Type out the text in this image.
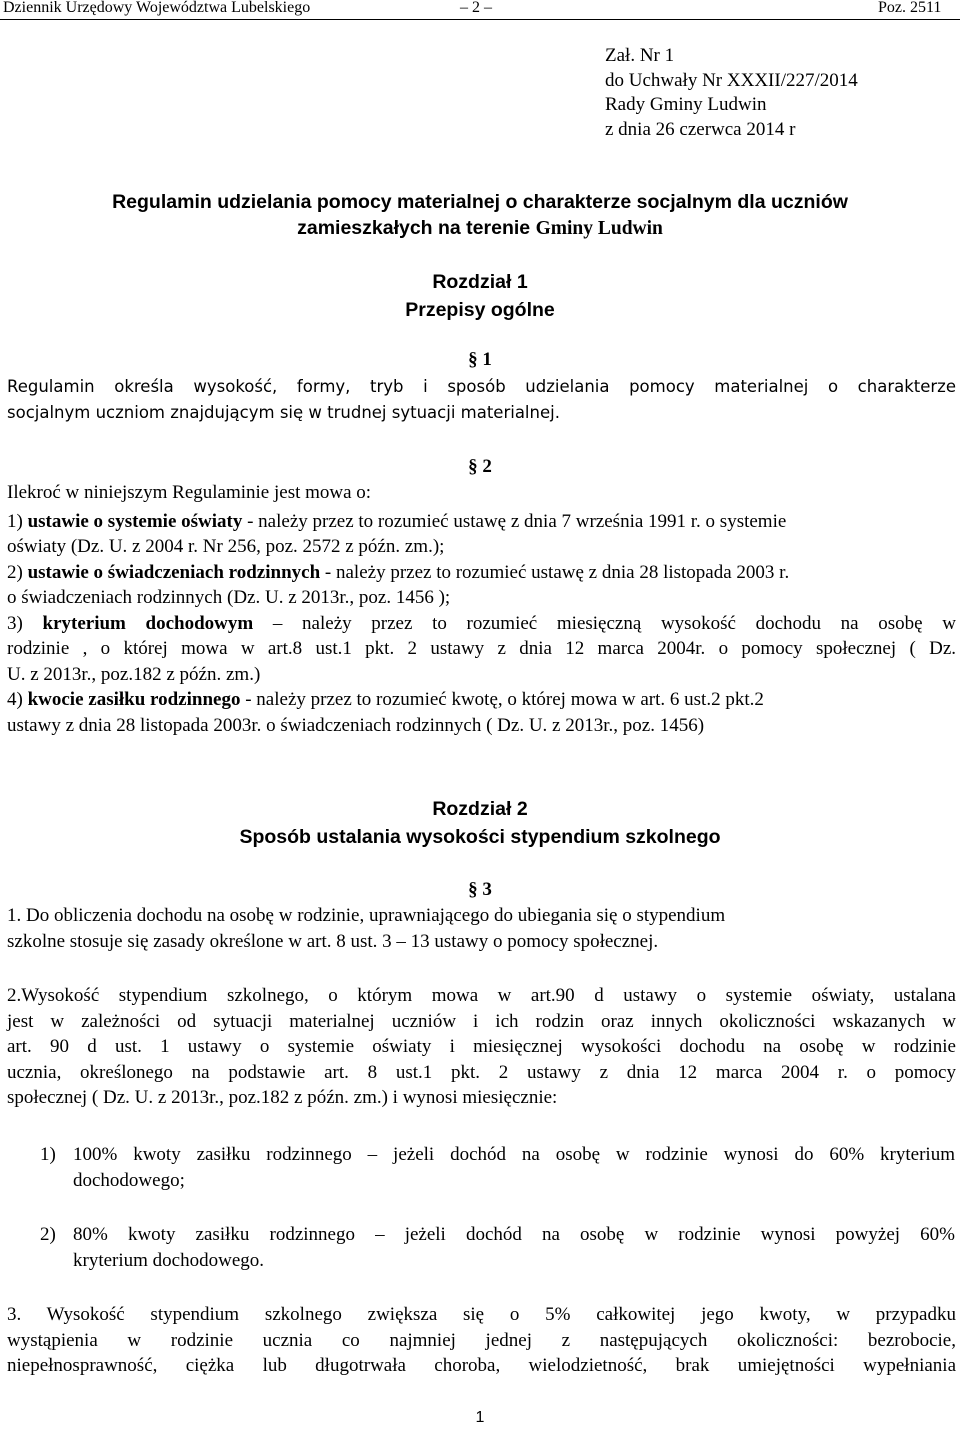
Dziennik Urzędowy Województwa Lubelskiego	– 2 –	Poz. 2511
Zał. Nr 1
do Uchwały Nr XXXII/227/2014
Rady Gminy Ludwin
z dnia 26 czerwca 2014 r
Regulamin udzielania pomocy materialnej o charakterze socjalnym dla uczniów
zamieszkałych na terenie Gminy Ludwin
Rozdział 1
Przepisy ogólne
§ 1
Regulamin określa wysokość, formy, tryb i sposób udzielania pomocy materialnej o charakterze
socjalnym uczniom znajdującym się w trudnej sytuacji materialnej.
§ 2
Ilekroć w niniejszym Regulaminie jest mowa o:
1) ustawie o systemie oświaty - należy przez to rozumieć ustawę z dnia 7 września 1991 r. o systemie
oświaty (Dz. U. z 2004 r. Nr 256, poz. 2572 z późn. zm.);
2) ustawie o świadczeniach rodzinnych - należy przez to rozumieć ustawę z dnia 28 listopada 2003 r.
o świadczeniach rodzinnych (Dz. U. z 2013r., poz. 1456 );
3) kryterium dochodowym – należy przez to rozumieć miesięczną wysokość dochodu na osobę w
rodzinie , o której mowa w art.8 ust.1 pkt. 2 ustawy z dnia 12 marca 2004r. o pomocy społecznej ( Dz.
U. z 2013r., poz.182 z późn. zm.)
4) kwocie zasiłku rodzinnego - należy przez to rozumieć kwotę, o której mowa w art. 6 ust.2 pkt.2
ustawy z dnia 28 listopada 2003r. o świadczeniach rodzinnych ( Dz. U. z 2013r., poz. 1456)
Rozdział 2
Sposób ustalania wysokości stypendium szkolnego
§ 3
1. Do obliczenia dochodu na osobę w rodzinie, uprawniającego do ubiegania się o stypendium
szkolne stosuje się zasady określone w art. 8 ust. 3 – 13 ustawy o pomocy społecznej.
2.Wysokość stypendium szkolnego, o którym mowa w art.90 d ustawy o systemie oświaty, ustalana
jest w zależności od sytuacji materialnej uczniów i ich rodzin oraz innych okoliczności wskazanych w
art. 90 d ust. 1 ustawy o systemie oświaty i miesięcznej wysokości dochodu na osobę w rodzinie
ucznia, określonego na podstawie art. 8 ust.1 pkt. 2 ustawy z dnia 12 marca 2004 r. o pomocy
społecznej ( Dz. U. z 2013r., poz.182 z późn. zm.) i wynosi miesięcznie:
1) 100% kwoty zasiłku rodzinnego – jeżeli dochód na osobę w rodzinie wynosi do 60% kryterium
dochodowego;
2) 80% kwoty zasiłku rodzinnego – jeżeli dochód na osobę w rodzinie wynosi powyżej 60%
kryterium dochodowego.
3. Wysokość stypendium szkolnego zwiększa się o 5% całkowitej jego kwoty, w przypadku
wystąpienia w rodzinie ucznia co najmniej jednej z następujących okoliczności: bezrobocie,
niepełnosprawność, ciężka lub długotrwała choroba, wielodzietność, brak umiejętności wypełniania
1
